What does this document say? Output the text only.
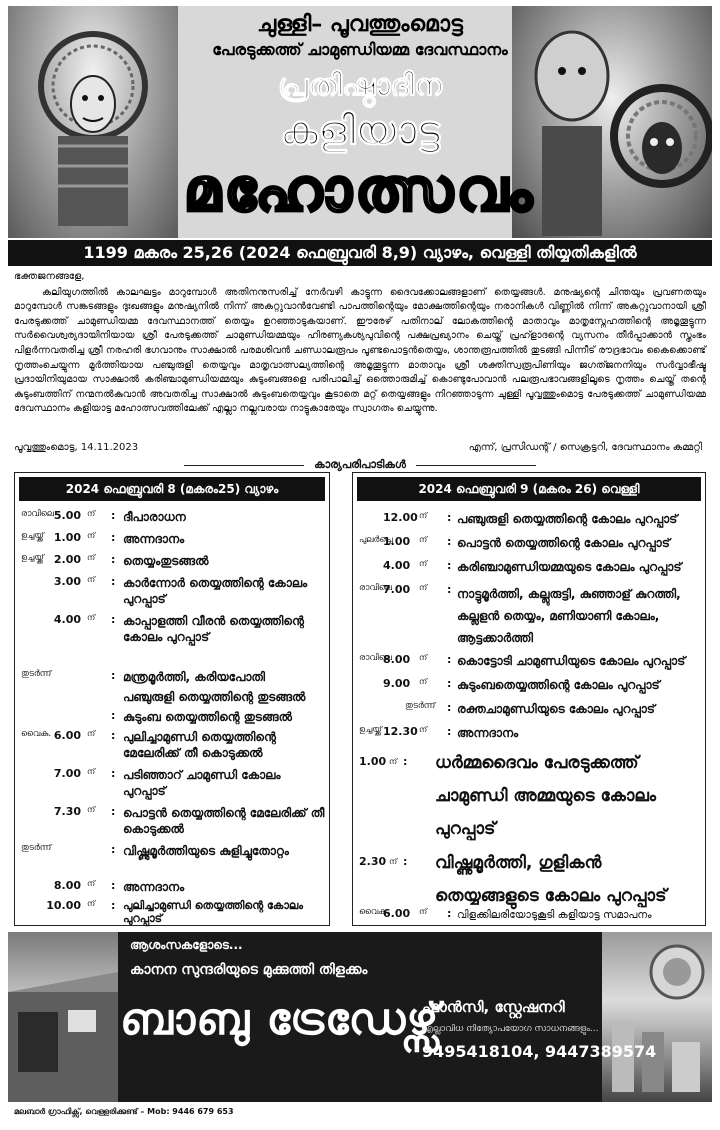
ചുള്ളി– പൂവത്തുംമൊട്ട
പേരടുക്കത്ത് ചാമുണ്ഡിയമ്മ ദേവസ്ഥാനം
പ്രതിഷ്ഠാദിന
കളിയാട്ട
മഹോത്സവം
1199 മകരം 25,26 (2024 ഫെബ്രുവരി 8,9) വ്യാഴം, വെള്ളി തിയ്യതികളിൽ
ഭക്തജനങ്ങളേ,

കലിയുഗത്തിൽ കാലഘട്ടം മാറുമ്പോൾ അതിനനുസരിച്ച് നേർവഴി കാട്ടുന്ന ദൈവക്കോലങ്ങളാണ് തെയ്യങ്ങൾ. മനുഷ്യന്റെ ചിന്തയും പ്രവണതയും മാറുമ്പോൾ സങ്കടങ്ങളും ദുഃഖങ്ങളും മനുഷ്യനിൽ നിന്ന് അകറ്റുവാൻവേണ്ടി പാപത്തിന്റെയും മോക്ഷത്തിന്റെയും നരാനികൾ വിണ്ണിൽ നിന്ന് അകറ്റുവാനായി ശ്രീ പേരടുക്കത്ത് ചാമുണ്ഡിയമ്മ ദേവസ്ഥാനത്ത് തെയ്യം ഉറഞ്ഞാടുകയാണ്. ഈരേഴ് പതിനാല് ലോകത്തിന്റെ മാതാവും മാതൃസ്നേഹത്തിന്റെ അമൃതൂട്ടുന്ന സർവൈശ്വര്യദായിനിയായ ശ്രീ പേരടുക്കത്ത് ചാമുണ്ഡിയമ്മയും ഹിരണ്യകശ്യപുവിന്റെ പക്ഷപ്രഖ്യാനം ചെയ്ത് പ്രഹ്ളാദന്റെ വ്യസനം തീർപ്പാക്കാൻ സ്തംഭം പിളർന്നവതരിച്ച ശ്രീ നരഹരി ഭഗവാനും സാക്ഷാൽ പരമശിവൻ ചണ്ഡാലരൂപം പൂണ്ടപൊട്ടൻതെയ്യം, ശാന്തരൂപത്തിൽ തുടങ്ങി പിന്നീട് രൗദ്രഭാവം കൈക്കൊണ്ട് നൃത്തംചെയ്യുന്ന മൂർത്തിയായ പഞ്ചുരുളി തെയ്യവും മാതൃവാത്സല്യത്തിന്റെ അമൃതൂട്ടുന്ന മാതാവും ശ്രീ ശക്തിസ്വരൂപിണിയും ജഗത്ജനനിയും സർവ്വാഭീഷ്ട പ്രദായിനിയുമായ സാക്ഷാൽ കരിഞ്ചാമുണ്ഡിയമ്മയും കുടുംബങ്ങളെ പരിപാലിച്ച് ഒത്തൊരുമിച്ച് കൊണ്ടുപോവാൻ പലരൂപഭാവങ്ങളിലൂടെ നൃത്തം ചെയ്ത് തന്റെ കുടുംബത്തിന് നന്മനൽകുവാൻ അവതരിച്ച സാക്ഷാൽ കുടുംബതെയ്യവും കൂടാതെ മറ്റ് തെയ്യങ്ങളും നിറഞ്ഞാടുന്ന ചുള്ളി പൂവ്വത്തുംമൊട്ട പേരടുക്കത്ത് ചാമുണ്ഡിയമ്മ ദേവസ്ഥാനം കളിയാട്ട മഹോത്സവത്തിലേക്ക് എല്ലാ നല്ലവരായ നാട്ടുകാരേയും സ്വാഗതം ചെയ്യുന്നു.

പൂവ്വത്തുംമൊട്ട, 14.11.2023	എന്ന്, പ്രസിഡന്റ് / സെക്രട്ടറി, ദേവസ്ഥാനം കമ്മറ്റി
കാര്യപരിപാടികൾ
2024 ഫെബ്രുവരി 8 (മകരം25) വ്യാഴം
രാവിലെ 5.00 ന് : ദീപാരാധന
ഉച്ചയ്ക്ക് 1.00 ന് : അന്നദാനം
ഉച്ചയ്ക്ക് 2.00 ന് : തെയ്യംതുടങ്ങൽ
3.00 ന് : കാർന്നോർ തെയ്യത്തിന്റെ കോലം പുറപ്പാട്
4.00 ന് : കാപ്പാളത്തി വീരൻ തെയ്യത്തിന്റെ കോലം പുറപ്പാട്
തുടർന്ന്	: മന്ത്രമൂർത്തി, കരിയപോതി
പഞ്ചുരുളി തെയ്യത്തിന്റെ തുടങ്ങൽ
: കുടുംബ തെയ്യത്തിന്റെ തുടങ്ങൽ
വൈകു. 6.00 ന് : പുലിച്ചാമുണ്ഡി തെയ്യത്തിന്റെ മേലേരിക്ക് തീ കൊടുക്കൽ
7.00 ന് : പടിഞ്ഞാറ് ചാമുണ്ഡി കോലം പുറപ്പാട്
7.30 ന് : പൊട്ടൻ തെയ്യത്തിന്റെ മേലേരിക്ക് തീ കൊടുക്കൽ
തുടർന്ന്	: വിഷ്ണുമൂർത്തിയുടെ കുളിച്ചുതോറ്റം
8.00 ന് : അന്നദാനം
10.00 ന് : പുലിച്ചാമുണ്ഡി തെയ്യത്തിന്റെ കോലം പുറപ്പാട്
2024 ഫെബ്രുവരി 9 (മകരം 26) വെള്ളി
12.00 ന് : പഞ്ചുരുളി തെയ്യത്തിന്റെ കോലം പുറപ്പാട്
പുലർച്ചെ
1.00 ന് : പൊട്ടൻ തെയ്യത്തിന്റെ കോലം പുറപ്പാട്
4.00 ന് : കരിഞ്ചാമുണ്ഡിയമ്മയുടെ കോലം പുറപ്പാട്
രാവിലെ
7.00 ന് : നാട്ടുമൂർത്തി, കല്ലുരുട്ടി, കുഞ്ഞാള് കുറത്തി, കല്ലളൻ തെയ്യം, മണിയാണി കോലം, ആട്ടക്കാർത്തി
രാവിലെ
8.00 ന് : കൊട്ടോടി ചാമുണ്ഡിയുടെ കോലം പുറപ്പാട്
9.00 ന് : കുടുംബതെയ്യത്തിന്റെ കോലം പുറപ്പാട്
തുടർന്ന് : രക്തചാമുണ്ഡിയുടെ കോലം പുറപ്പാട്
ഉച്ചയ്ക്ക് 12.30 ന് : അന്നദാനം
1.00 ന് : ധർമ്മദൈവം പേരടുക്കത്ത് ചാമുണ്ഡി അമ്മയുടെ കോലം പുറപ്പാട്
2.30 ന് : വിഷ്ണുമൂർത്തി, ഗുളികൻ തെയ്യങ്ങളുടെ കോലം പുറപ്പാട്
വൈകു.
6.00 ന് : വിളക്കിലരിയോടുകൂടി കളിയാട്ട സമാപനം
ആശംസകളോടെ...
കാനന സുന്ദരിയുടെ മുക്കുത്തി തിളക്കം
ബാബു ട്രേഡേഴ്സ്
ഫാൻസി, സ്റ്റേഷനറി
എല്ലാവിധ നിത്യോപയോഗ സാധനങ്ങളും...
9495418104, 9447389574
മലബാർ ഗ്രാഫിക്സ്, വെള്ളരിക്കുണ്ട് – Mob: 9446 679 653
